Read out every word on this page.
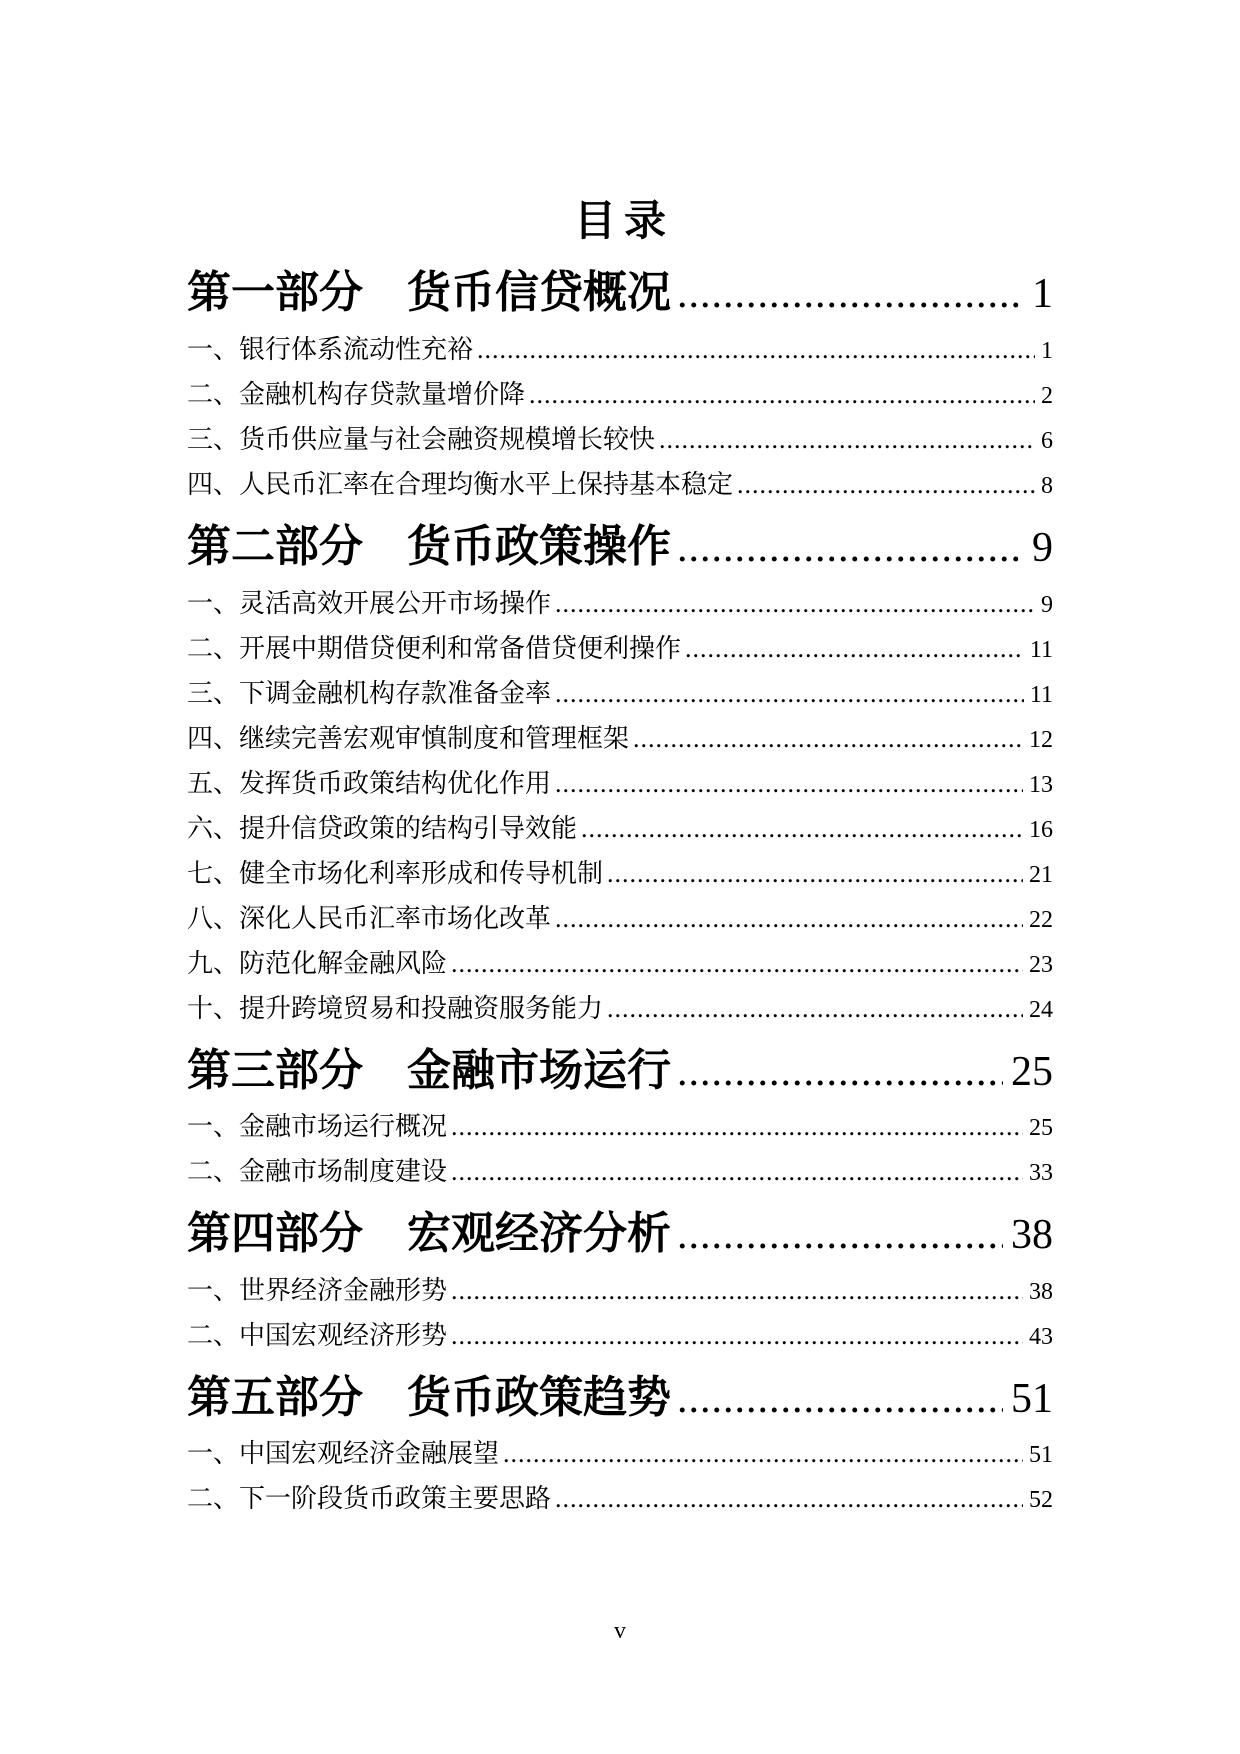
目录
第一部分 货币信贷概况 .....	1
一、银行体系流动性充裕 .....	1
二、金融机构存贷款量增价降 .....	2
三、货币供应量与社会融资规模增长较快 .....	6
四、人民币汇率在合理均衡水平上保持基本稳定 .....	8
第二部分 货币政策操作 .....	9
一、灵活高效开展公开市场操作 .....	9
二、开展中期借贷便利和常备借贷便利操作 .....	11
三、下调金融机构存款准备金率 .....	11
四、继续完善宏观审慎制度和管理框架 .....	12
五、发挥货币政策结构优化作用 .....	13
六、提升信贷政策的结构引导效能 .....	16
七、健全市场化利率形成和传导机制 .....	21
八、深化人民币汇率市场化改革 .....	22
九、防范化解金融风险 .....	23
十、提升跨境贸易和投融资服务能力 .....	24
第三部分 金融市场运行 .....	25
一、金融市场运行概况 .....	25
二、金融市场制度建设 .....	33
第四部分 宏观经济分析 .....	38
一、世界经济金融形势 .....	38
二、中国宏观经济形势 .....	43
第五部分 货币政策趋势 .....	51
一、中国宏观经济金融展望 .....	51
二、下一阶段货币政策主要思路 .....	52
v
